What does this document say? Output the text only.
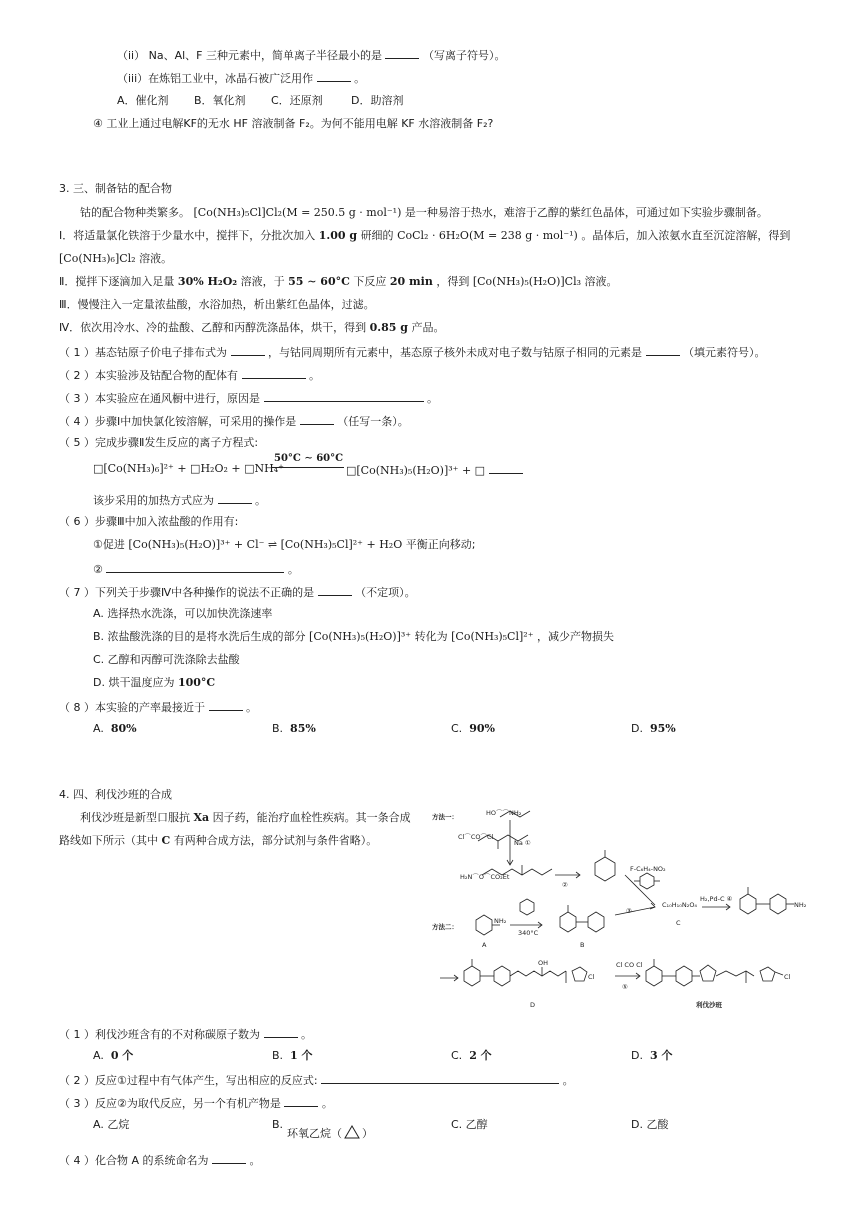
（ii） Na、Al、F 三种元素中，简单离子半径最小的是	（写离子符号）。
（iii）在炼铝工业中，冰晶石被广泛用作	。
A．催化剂 B．氧化剂 C．还原剂	D．助溶剂
④ 工业上通过电解KF的无水 HF 溶液制备 F₂。为何不能用电解 KF 水溶液制备 F₂?
3. 三、制备钴的配合物
钴的配合物种类繁多。 [Co(NH₃)₅Cl]Cl₂(M = 250.5 g · mol⁻¹) 是一种易溶于热水，难溶于乙醇的紫红色晶体，可通过如下实验步骤制备。
Ⅰ．将适量氯化铁溶于少量水中，搅拌下，分批次加入 1.00 g 研细的 CoCl₂ · 6H₂O(M = 238 g · mol⁻¹) 。晶体后，加入浓氨水直至沉淀溶解，得到
[Co(NH₃)₆]Cl₂ 溶液。
Ⅱ．搅拌下逐滴加入足量 30% H₂O₂ 溶液，于 55 ∼ 60°C 下反应 20 min ，得到 [Co(NH₃)₅(H₂O)]Cl₃ 溶液。
Ⅲ．慢慢注入一定量浓盐酸，水浴加热，析出紫红色晶体，过滤。
Ⅳ．依次用冷水、冷的盐酸、乙醇和丙醇洗涤晶体，烘干，得到 0.85 g 产品。
（ 1 ）基态钴原子价电子排布式为	，与钴同周期所有元素中，基态原子核外未成对电子数与钴原子相同的元素是	（填元素符号）。
（ 2 ）本实验涉及钴配合物的配体有	。
（ 3 ）本实验应在通风橱中进行，原因是	。
（ 4 ）步骤Ⅰ中加快氯化铵溶解，可采用的操作是	（任写一条）。
（ 5 ）完成步骤Ⅱ发生反应的离子方程式:
□[Co(NH₃)₆]²⁺ + □H₂O₂ + □NH₄⁺
50°C ∼ 60°C
□[Co(NH₃)₅(H₂O)]³⁺ + □
该步采用的加热方式应为	。
（ 6 ）步骤Ⅲ中加入浓盐酸的作用有:
①促进 [Co(NH₃)₅(H₂O)]³⁺ + Cl⁻ ⇌ [Co(NH₃)₅Cl]²⁺ + H₂O 平衡正向移动;
②	。
（ 7 ）下列关于步骤Ⅳ中各种操作的说法不正确的是	（不定项）。
A. 选择热水洗涤，可以加快洗涤速率
B. 浓盐酸洗涤的目的是将水洗后生成的部分 [Co(NH₃)₅(H₂O)]³⁺ 转化为 [Co(NH₃)₅Cl]²⁺ ，减少产物损失
C. 乙醇和丙醇可洗涤除去盐酸
D. 烘干温度应为 100°C
（ 8 ）本实验的产率最接近于	。
A. 80%	B. 85%	C. 90%	D. 95%
4. 四、利伐沙班的合成
利伐沙班是新型口服抗 Xa 因子药，能治疗血栓性疾病。其一条合成
路线如下所示（其中 C 有两种合成方法，部分试剂与条件省略）。
方法一：	HO⌒⌒NH₂
Cl⌒CO⌒Cl
Na ①
H₂N⌒O⌒CO₂Et
②
F-C₆H₄-NO₂
③
C₁₀H₁₀N₂O₄
C
H₂,Pd-C ④
NH₂
方法二：
NH₂
A
340°C
B
OH
Cl
D
Cl CO Cl
⑤
Cl
利伐沙班
（ 1 ）利伐沙班含有的不对称碳原子数为	。
A. 0 个	B. 1 个	C. 2 个	D. 3 个
（ 2 ）反应①过程中有气体产生，写出相应的反应式:	。
（ 3 ）反应②为取代反应，另一个有机产物是	。
A. 乙烷	B.
环氧乙烷（ ）
C. 乙醇	D. 乙酸
（ 4 ）化合物 A 的系统命名为	。
